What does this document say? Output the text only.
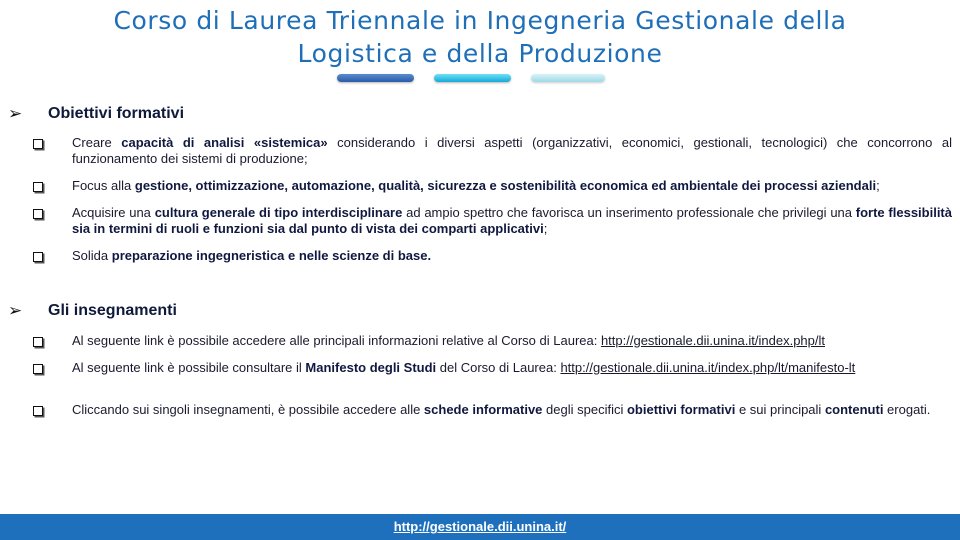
Corso di Laurea Triennale in Ingegneria Gestionale della
Logistica e della Produzione
➢	Obiettivi formativi
Creare capacità di analisi «sistemica» considerando i diversi aspetti (organizzativi, economici, gestionali, tecnologici) che concorrono al funzionamento dei sistemi di produzione;
Focus alla gestione, ottimizzazione, automazione, qualità, sicurezza e sostenibilità economica ed ambientale dei processi aziendali;
Acquisire una cultura generale di tipo interdisciplinare ad ampio spettro che favorisca un inserimento professionale che privilegi una forte flessibilità sia in termini di ruoli e funzioni sia dal punto di vista dei comparti applicativi;
Solida preparazione ingegneristica e nelle scienze di base.
➢	Gli insegnamenti
Al seguente link è possibile accedere alle principali informazioni relative al Corso di Laurea: http://gestionale.dii.unina.it/index.php/lt
Al seguente link è possibile consultare il Manifesto degli Studi del Corso di Laurea: http://gestionale.dii.unina.it/index.php/lt/manifesto-lt
Cliccando sui singoli insegnamenti, è possibile accedere alle schede informative degli specifici obiettivi formativi e sui principali contenuti erogati.
http://gestionale.dii.unina.it/
